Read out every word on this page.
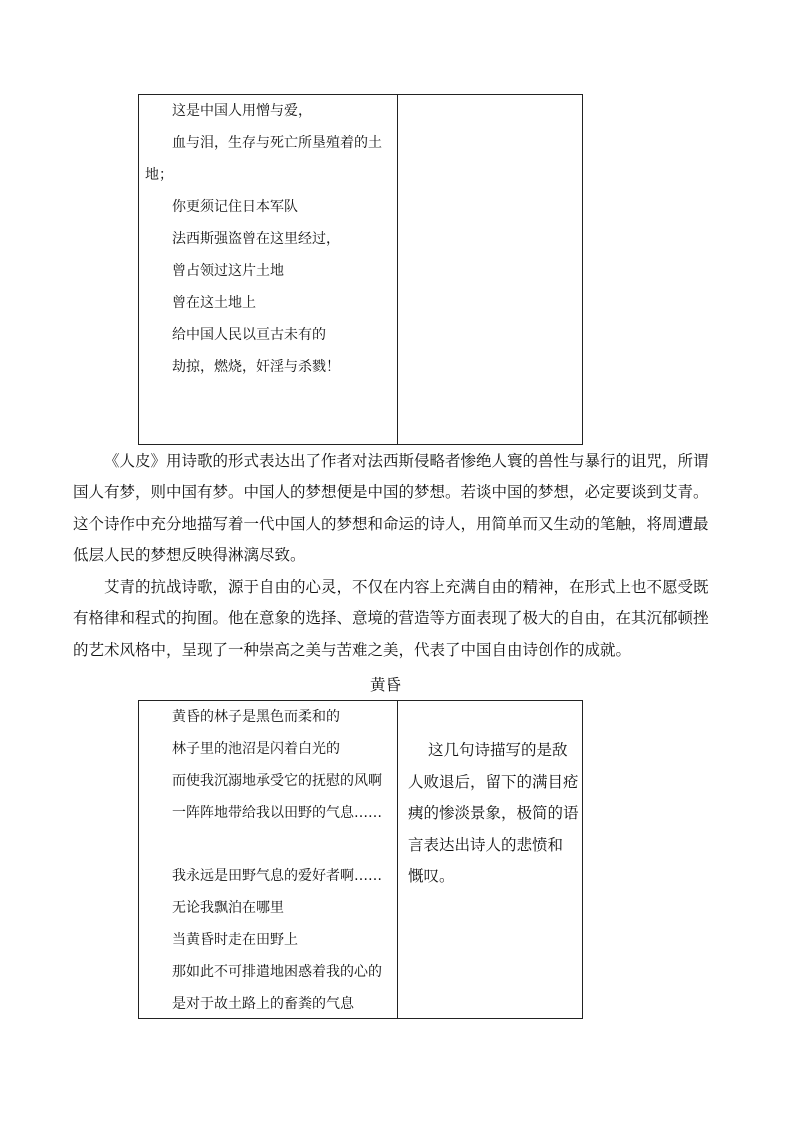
这是中国人用憎与爱，
血与泪，生存与死亡所垦殖着的土
地；
你更须记住日本军队
法西斯强盗曾在这里经过，
曾占领过这片土地
曾在这土地上
给中国人民以亘古未有的
劫掠，燃烧，奸淫与杀戮！
《人皮》用诗歌的形式表达出了作者对法西斯侵略者惨绝人寰的兽性与暴行的诅咒，所谓
国人有梦，则中国有梦。中国人的梦想便是中国的梦想。若谈中国的梦想，必定要谈到艾青。
这个诗作中充分地描写着一代中国人的梦想和命运的诗人，用简单而又生动的笔触，将周遭最
低层人民的梦想反映得淋漓尽致。
艾青的抗战诗歌，源于自由的心灵，不仅在内容上充满自由的精神，在形式上也不愿受既
有格律和程式的拘囿。他在意象的选择、意境的营造等方面表现了极大的自由，在其沉郁顿挫
的艺术风格中，呈现了一种崇高之美与苦难之美，代表了中国自由诗创作的成就。
黄昏
黄昏的林子是黑色而柔和的
林子里的池沼是闪着白光的
而使我沉溺地承受它的抚慰的风啊
一阵阵地带给我以田野的气息……
我永远是田野气息的爱好者啊……
无论我飘泊在哪里
当黄昏时走在田野上
那如此不可排遣地困惑着我的心的
是对于故土路上的畜粪的气息
这几句诗描写的是敌
人败退后，留下的满目疮
痍的惨淡景象，极简的语
言表达出诗人的悲愤和
慨叹。
